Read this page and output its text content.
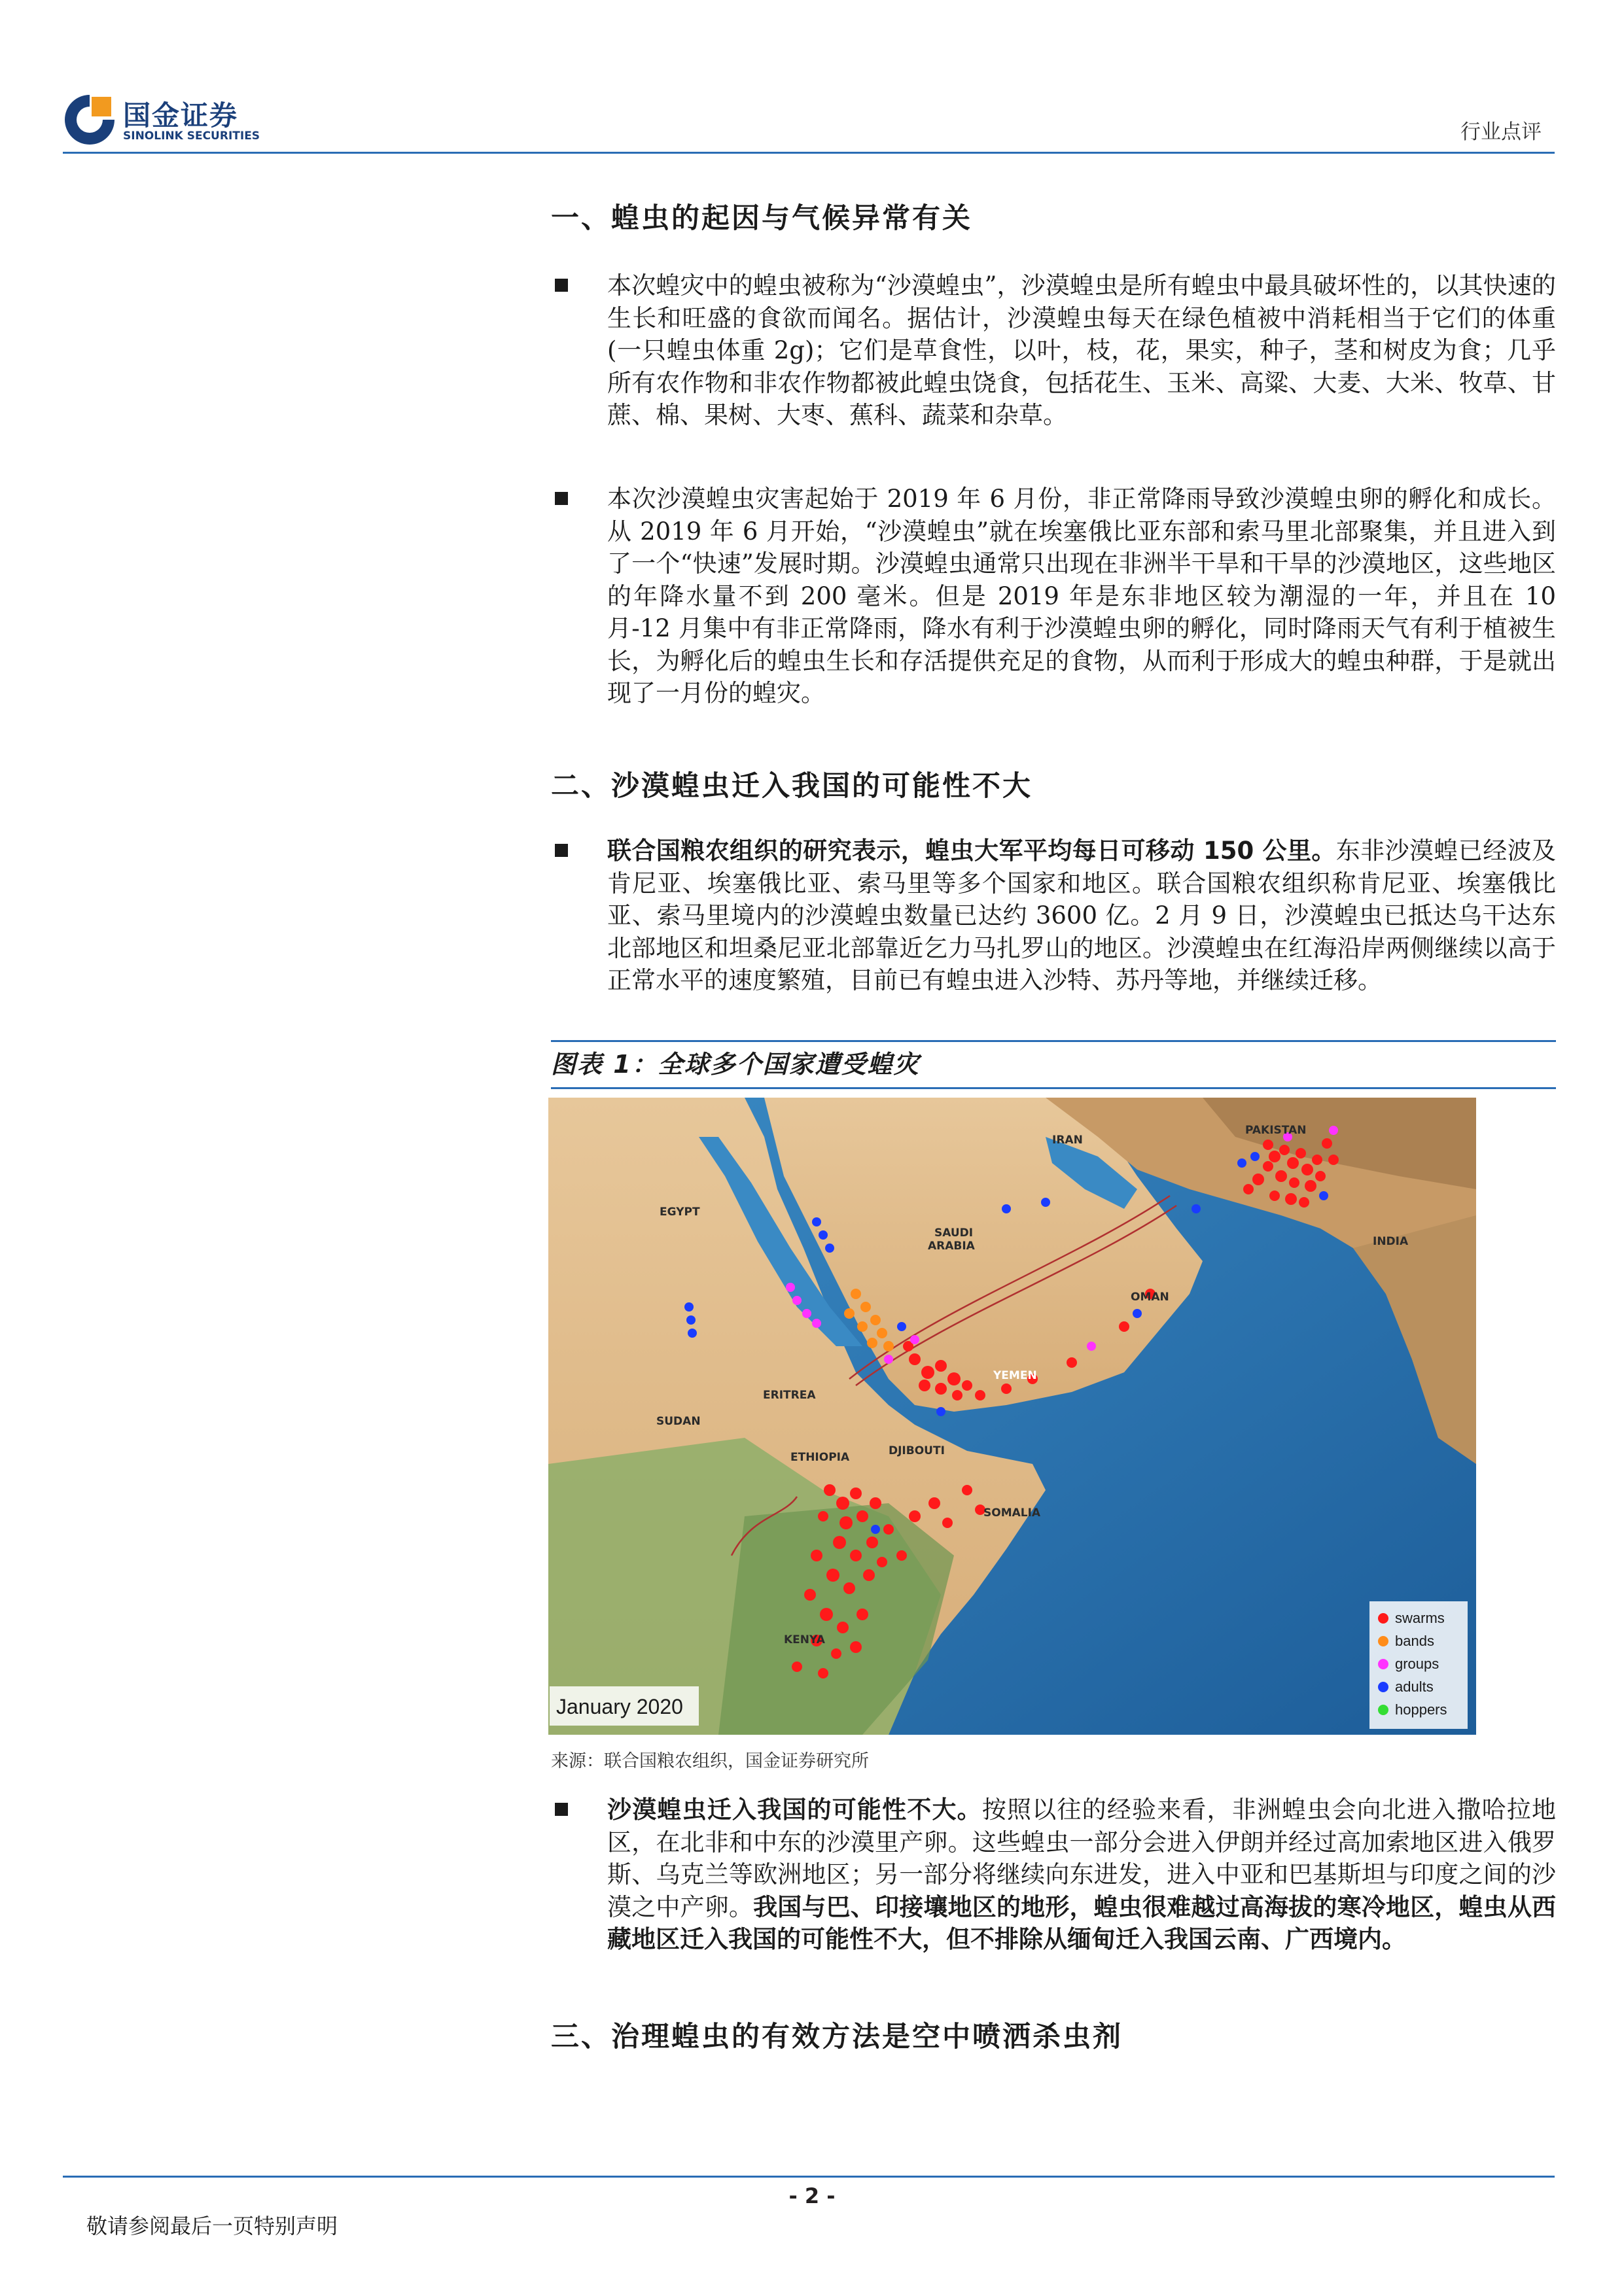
国金证券
SINOLINK SECURITIES	行业点评
一、蝗虫的起因与气候异常有关
本次蝗灾中的蝗虫被称为“沙漠蝗虫”，沙漠蝗虫是所有蝗虫中最具破坏性的，以其快速的生长和旺盛的食欲而闻名。据估计，沙漠蝗虫每天在绿色植被中消耗相当于它们的体重(一只蝗虫体重 2g)；它们是草食性，以叶，枝，花，果实，种子，茎和树皮为食；几乎所有农作物和非农作物都被此蝗虫饶食，包括花生、玉米、高粱、大麦、大米、牧草、甘蔗、棉、果树、大枣、蕉科、蔬菜和杂草。
本次沙漠蝗虫灾害起始于 2019 年 6 月份，非正常降雨导致沙漠蝗虫卵的孵化和成长。从 2019 年 6 月开始，“沙漠蝗虫”就在埃塞俄比亚东部和索马里北部聚集，并且进入到了一个“快速”发展时期。沙漠蝗虫通常只出现在非洲半干旱和干旱的沙漠地区，这些地区的年降水量不到 200 毫米。但是 2019 年是东非地区较为潮湿的一年，并且在 10 月-12 月集中有非正常降雨，降水有利于沙漠蝗虫卵的孵化，同时降雨天气有利于植被生长，为孵化后的蝗虫生长和存活提供充足的食物，从而利于形成大的蝗虫种群，于是就出现了一月份的蝗灾。
二、沙漠蝗虫迁入我国的可能性不大
联合国粮农组织的研究表示，蝗虫大军平均每日可移动 150 公里。东非沙漠蝗已经波及肯尼亚、埃塞俄比亚、索马里等多个国家和地区。联合国粮农组织称肯尼亚、埃塞俄比亚、索马里境内的沙漠蝗虫数量已达约 3600 亿。2 月 9 日，沙漠蝗虫已抵达乌干达东北部地区和坦桑尼亚北部靠近乞力马扎罗山的地区。沙漠蝗虫在红海沿岸两侧继续以高于正常水平的速度繁殖，目前已有蝗虫进入沙特、苏丹等地，并继续迁移。
图表 1：全球多个国家遭受蝗灾
IRAN
PAKISTAN
EGYPT
SAUDI
ARABIA	INDIA
OMAN
YEMEN
ERITREA
SUDAN
ETHIOPIA	DJIBOUTI
SOMALIA
KENYA
January 2020
swarms
bands
groups
adults
hoppers
来源：联合国粮农组织，国金证券研究所
沙漠蝗虫迁入我国的可能性不大。按照以往的经验来看，非洲蝗虫会向北进入撒哈拉地区，在北非和中东的沙漠里产卵。这些蝗虫一部分会进入伊朗并经过高加索地区进入俄罗斯、乌克兰等欧洲地区；另一部分将继续向东进发，进入中亚和巴基斯坦与印度之间的沙漠之中产卵。我国与巴、印接壤地区的地形，蝗虫很难越过高海拔的寒冷地区，蝗虫从西藏地区迁入我国的可能性不大，但不排除从缅甸迁入我国云南、广西境内。
三、治理蝗虫的有效方法是空中喷洒杀虫剂
- 2 -
敬请参阅最后一页特别声明
